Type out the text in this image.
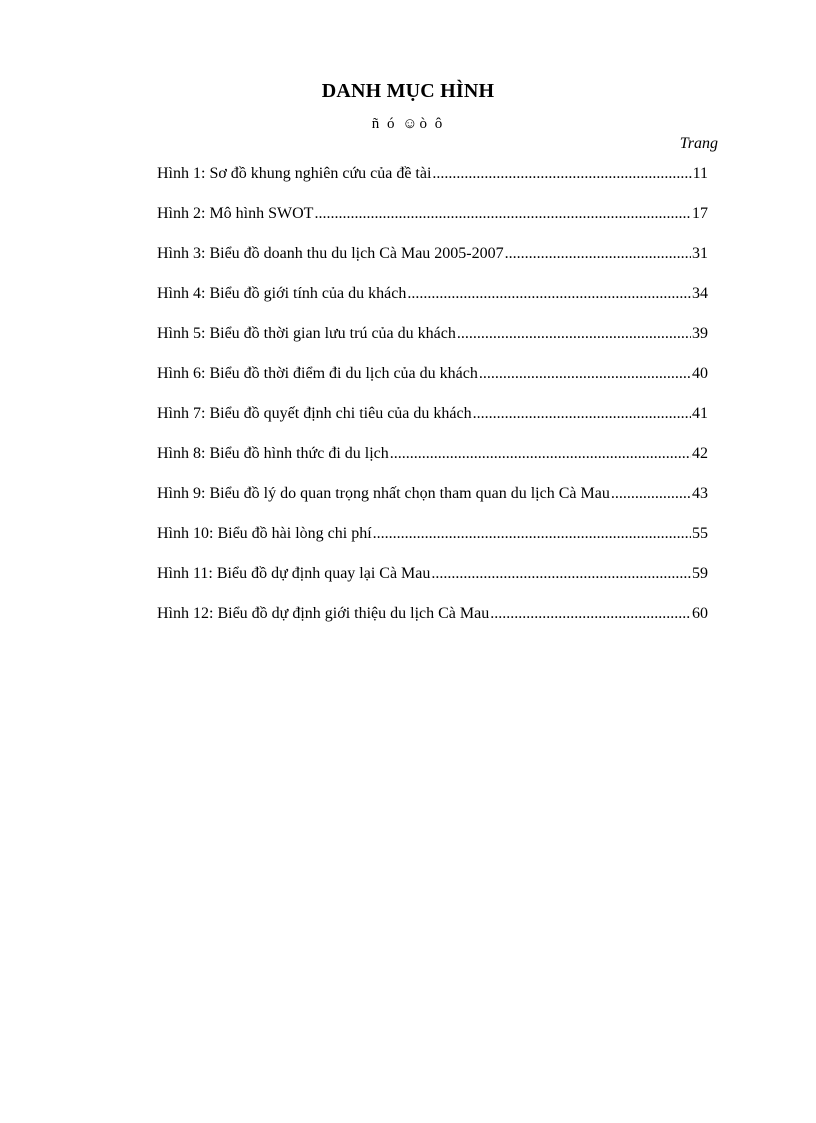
DANH MỤC HÌNH
ñ ó ☺ò ô
Trang
Hình 1: Sơ đồ khung nghiên cứu của đề tài .....	11
Hình 2: Mô hình SWOT .....	17
Hình 3: Biểu đồ doanh thu du lịch Cà Mau 2005-2007 .....	31
Hình 4: Biểu đồ giới tính của du khách .....	34
Hình 5: Biểu đồ thời gian lưu trú của du khách .....	39
Hình 6: Biểu đồ thời điểm đi du lịch của du khách .....	40
Hình 7: Biểu đồ quyết định chi tiêu của du khách .....	41
Hình 8: Biểu đồ hình thức đi du lịch .....	42
Hình 9: Biểu đồ lý do quan trọng nhất chọn tham quan du lịch Cà Mau .....	43
Hình 10: Biểu đồ hài lòng chi phí .....	55
Hình 11: Biểu đồ dự định quay lại Cà Mau .....	59
Hình 12: Biểu đồ dự định giới thiệu du lịch Cà Mau .....	60
